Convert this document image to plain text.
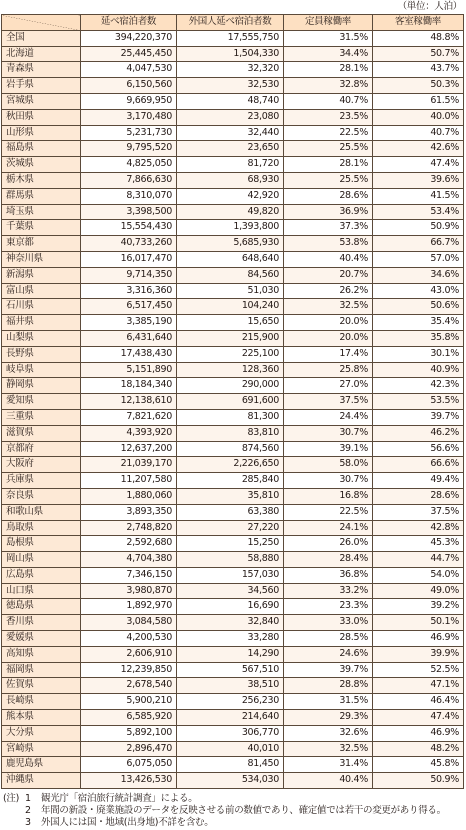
（単位：人泊）
	延べ宿泊者数	外国人延べ宿泊者数	定員稼働率	客室稼働率
全国	394,220,370	17,555,750	31.5%	48.8%
北海道	25,445,450	1,504,330	34.4%	50.7%
青森県	4,047,530	32,320	28.1%	43.7%
岩手県	6,150,560	32,530	32.8%	50.3%
宮城県	9,669,950	48,740	40.7%	61.5%
秋田県	3,170,480	23,080	23.5%	40.0%
山形県	5,231,730	32,440	22.5%	40.7%
福島県	9,795,520	23,650	25.5%	42.6%
茨城県	4,825,050	81,720	28.1%	47.4%
栃木県	7,866,630	68,930	25.5%	39.6%
群馬県	8,310,070	42,920	28.6%	41.5%
埼玉県	3,398,500	49,820	36.9%	53.4%
千葉県	15,554,430	1,393,800	37.3%	50.9%
東京都	40,733,260	5,685,930	53.8%	66.7%
神奈川県	16,017,470	648,640	40.4%	57.0%
新潟県	9,714,350	84,560	20.7%	34.6%
富山県	3,316,360	51,030	26.2%	43.0%
石川県	6,517,450	104,240	32.5%	50.6%
福井県	3,385,190	15,650	20.0%	35.4%
山梨県	6,431,640	215,900	20.0%	35.8%
長野県	17,438,430	225,100	17.4%	30.1%
岐阜県	5,151,890	128,360	25.8%	40.9%
静岡県	18,184,340	290,000	27.0%	42.3%
愛知県	12,138,610	691,600	37.5%	53.5%
三重県	7,821,620	81,300	24.4%	39.7%
滋賀県	4,393,920	83,810	30.7%	46.2%
京都府	12,637,200	874,560	39.1%	56.6%
大阪府	21,039,170	2,226,650	58.0%	66.6%
兵庫県	11,207,580	285,840	30.7%	49.4%
奈良県	1,880,060	35,810	16.8%	28.6%
和歌山県	3,893,350	63,380	22.5%	37.5%
鳥取県	2,748,820	27,220	24.1%	42.8%
島根県	2,592,680	15,250	26.0%	45.3%
岡山県	4,704,380	58,880	28.4%	44.7%
広島県	7,346,150	157,030	36.8%	54.0%
山口県	3,980,870	34,560	33.2%	49.0%
徳島県	1,892,970	16,690	23.3%	39.2%
香川県	3,084,580	32,840	33.0%	50.1%
愛媛県	4,200,530	33,280	28.5%	46.9%
高知県	2,606,910	14,290	24.6%	39.9%
福岡県	12,239,850	567,510	39.7%	52.5%
佐賀県	2,678,540	38,510	28.8%	47.1%
長崎県	5,900,210	256,230	31.5%	46.4%
熊本県	6,585,920	214,640	29.3%	47.4%
大分県	5,892,100	306,770	32.6%	46.9%
宮崎県	2,896,470	40,010	32.5%	48.2%
鹿児島県	6,075,050	81,450	31.4%	45.8%
沖縄県	13,426,530	534,030	40.4%	50.9%
(注) 1 観光庁「宿泊旅行統計調査」による。
2 年間の新設・廃業施設のデータを反映させる前の数値であり、確定値では若干の変更があり得る。
3 外国人には国・地域(出身地)不詳を含む。
